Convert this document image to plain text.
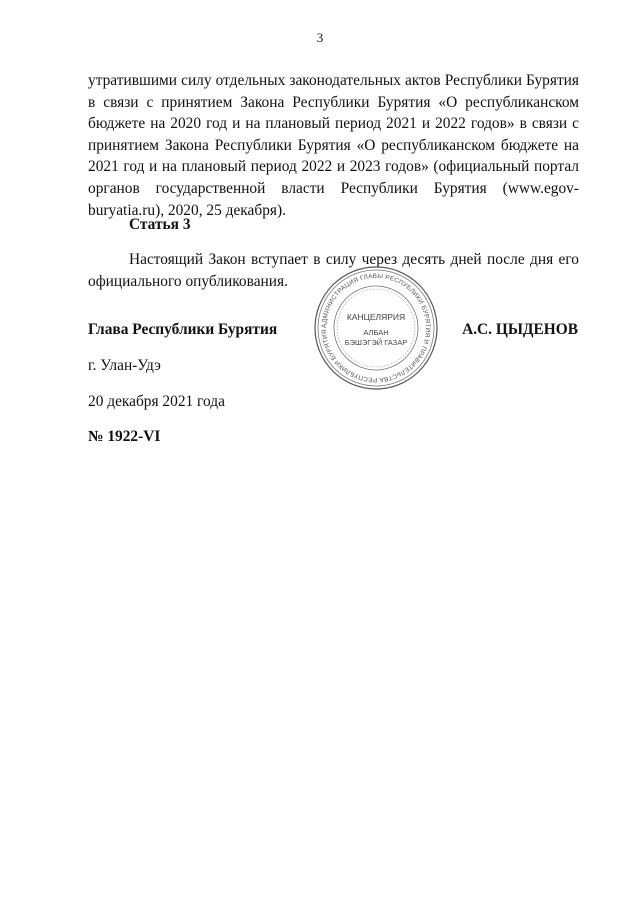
3

утратившими силу отдельных законодательных актов Республики Бурятия в связи с принятием Закона Республики Бурятия «О республиканском бюджете на 2020 год и на плановый период 2021 и 2022 годов» в связи с принятием Закона Республики Бурятия «О республиканском бюджете на 2021 год и на плановый период 2022 и 2023 годов» (официальный портал органов государственной власти Республики Бурятия (www.egov-buryatia.ru), 2020, 25 декабря).

Статья 3

Настоящий Закон вступает в силу через десять дней после дня его официального опубликования.

Глава Республики Бурятия	АДМИНИСТРАЦИЯ ГЛАВЫ РЕСПУБЛИКИ БУРЯТИЯ И ПРАВИТЕЛЬСТВА РЕСПУБЛИКИ БУРЯТИЯ
КАНЦЕЛЯРИЯ
АЛБАН
БЭШЭГЭЙ ГАЗАР
А.С. ЦЫДЕНОВ
г. Улан-Удэ
20 декабря 2021 года
№ 1922-VI
